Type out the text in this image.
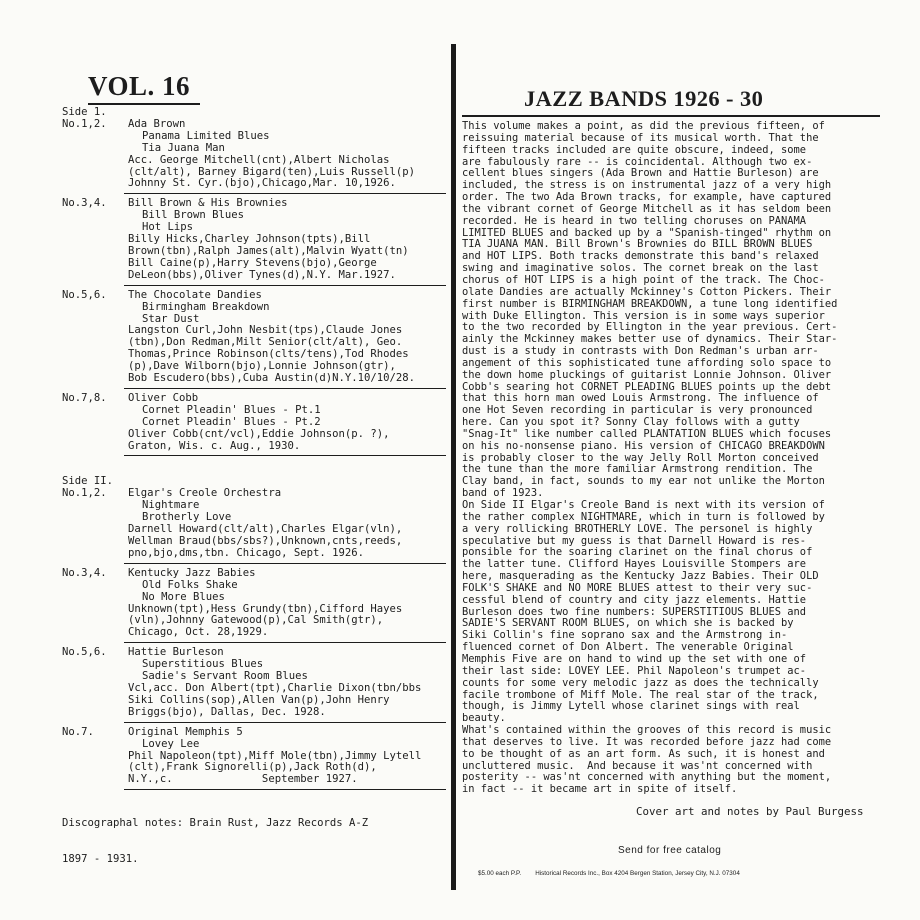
VOL. 16
Side 1.
No.1,2.	Ada Brown
Panama Limited Blues
Tia Juana Man
Acc. George Mitchell(cnt),Albert Nicholas
(clt/alt), Barney Bigard(ten),Luis Russell(p)
Johnny St. Cyr.(bjo),Chicago,Mar. 10,1926.
No.3,4.	Bill Brown & His Brownies
Bill Brown Blues
Hot Lips
Billy Hicks,Charley Johnson(tpts),Bill
Brown(tbn),Ralph James(alt),Malvin Wyatt(tn)
Bill Caine(p),Harry Stevens(bjo),George
DeLeon(bbs),Oliver Tynes(d),N.Y. Mar.1927.
No.5,6.	The Chocolate Dandies
Birmingham Breakdown
Star Dust
Langston Curl,John Nesbit(tps),Claude Jones
(tbn),Don Redman,Milt Senior(clt/alt), Geo.
Thomas,Prince Robinson(clts/tens),Tod Rhodes
(p),Dave Wilborn(bjo),Lonnie Johnson(gtr),
Bob Escudero(bbs),Cuba Austin(d)N.Y.10/10/28.
No.7,8.	Oliver Cobb
Cornet Pleadin' Blues - Pt.1
Cornet Pleadin' Blues - Pt.2
Oliver Cobb(cnt/vcl),Eddie Johnson(p. ?),
Graton, Wis. c. Aug., 1930.
Side II.
No.1,2.	Elgar's Creole Orchestra
Nightmare
Brotherly Love
Darnell Howard(clt/alt),Charles Elgar(vln),
Wellman Braud(bbs/sbs?),Unknown,cnts,reeds,
pno,bjo,dms,tbn. Chicago, Sept. 1926.
No.3,4.	Kentucky Jazz Babies
Old Folks Shake
No More Blues
Unknown(tpt),Hess Grundy(tbn),Cifford Hayes
(vln),Johnny Gatewood(p),Cal Smith(gtr),
Chicago, Oct. 28,1929.
No.5,6.	Hattie Burleson
Superstitious Blues
Sadie's Servant Room Blues
Vcl,acc. Don Albert(tpt),Charlie Dixon(tbn/bbs
Siki Collins(sop),Allen Van(p),John Henry
Briggs(bjo), Dallas, Dec. 1928.
No.7.	Original Memphis 5
Lovey Lee
Phil Napoleon(tpt),Miff Mole(tbn),Jimmy Lytell
(clt),Frank Signorelli(p),Jack Roth(d),
N.Y.,c.              September 1927.

Discographal notes: Brain Rust, Jazz Records A-Z

1897 - 1931.

JAZZ BANDS 1926 - 30
This volume makes a point, as did the previous fifteen, of
reissuing material because of its musical worth. That the
fifteen tracks included are quite obscure, indeed, some
are fabulously rare -- is coincidental. Although two ex-
cellent blues singers (Ada Brown and Hattie Burleson) are
included, the stress is on instrumental jazz of a very high
order. The two Ada Brown tracks, for example, have captured
the vibrant cornet of George Mitchell as it has seldom been
recorded. He is heard in two telling choruses on PANAMA
LIMITED BLUES and backed up by a "Spanish-tinged" rhythm on
TIA JUANA MAN. Bill Brown's Brownies do BILL BROWN BLUES
and HOT LIPS. Both tracks demonstrate this band's relaxed
swing and imaginative solos. The cornet break on the last
chorus of HOT LIPS is a high point of the track. The Choc-
olate Dandies are actually Mckinney's Cotton Pickers. Their
first number is BIRMINGHAM BREAKDOWN, a tune long identified
with Duke Ellington. This version is in some ways superior
to the two recorded by Ellington in the year previous. Cert-
ainly the Mckinney makes better use of dynamics. Their Star-
dust is a study in contrasts with Don Redman's urban arr-
angement of this sophisticated tune affording solo space to
the down home pluckings of guitarist Lonnie Johnson. Oliver
Cobb's searing hot CORNET PLEADING BLUES points up the debt
that this horn man owed Louis Armstrong. The influence of
one Hot Seven recording in particular is very pronounced
here. Can you spot it? Sonny Clay follows with a gutty
"Snag-It" like number called PLANTATION BLUES which focuses
on his no-nonsense piano. His version of CHICAGO BREAKDOWN
is probably closer to the way Jelly Roll Morton conceived
the tune than the more familiar Armstrong rendition. The
Clay band, in fact, sounds to my ear not unlike the Morton
band of 1923.
On Side II Elgar's Creole Band is next with its version of
the rather complex NIGHTMARE, which in turn is followed by
a very rollicking BROTHERLY LOVE. The personel is highly
speculative but my guess is that Darnell Howard is res-
ponsible for the soaring clarinet on the final chorus of
the latter tune. Clifford Hayes Louisville Stompers are
here, masquerading as the Kentucky Jazz Babies. Their OLD
FOLK'S SHAKE and NO MORE BLUES attest to their very suc-
cessful blend of country and city jazz elements. Hattie
Burleson does two fine numbers: SUPERSTITIOUS BLUES and
SADIE'S SERVANT ROOM BLUES, on which she is backed by
Siki Collin's fine soprano sax and the Armstrong in-
fluenced cornet of Don Albert. The venerable Original
Memphis Five are on hand to wind up the set with one of
their last side: LOVEY LEE. Phil Napoleon's trumpet ac-
counts for some very melodic jazz as does the technically
facile trombone of Miff Mole. The real star of the track,
though, is Jimmy Lytell whose clarinet sings with real
beauty.
What's contained within the grooves of this record is music
that deserves to live. It was recorded before jazz had come
to be thought of as an art form. As such, it is honest and
uncluttered music.  And because it was'nt concerned with
posterity -- was'nt concerned with anything but the moment,
in fact -- it became art in spite of itself.
Cover art and notes by Paul Burgess
Send for free catalog
$5.00 each P.P. Historical Records Inc., Box 4204 Bergen Station, Jersey City, N.J. 07304
